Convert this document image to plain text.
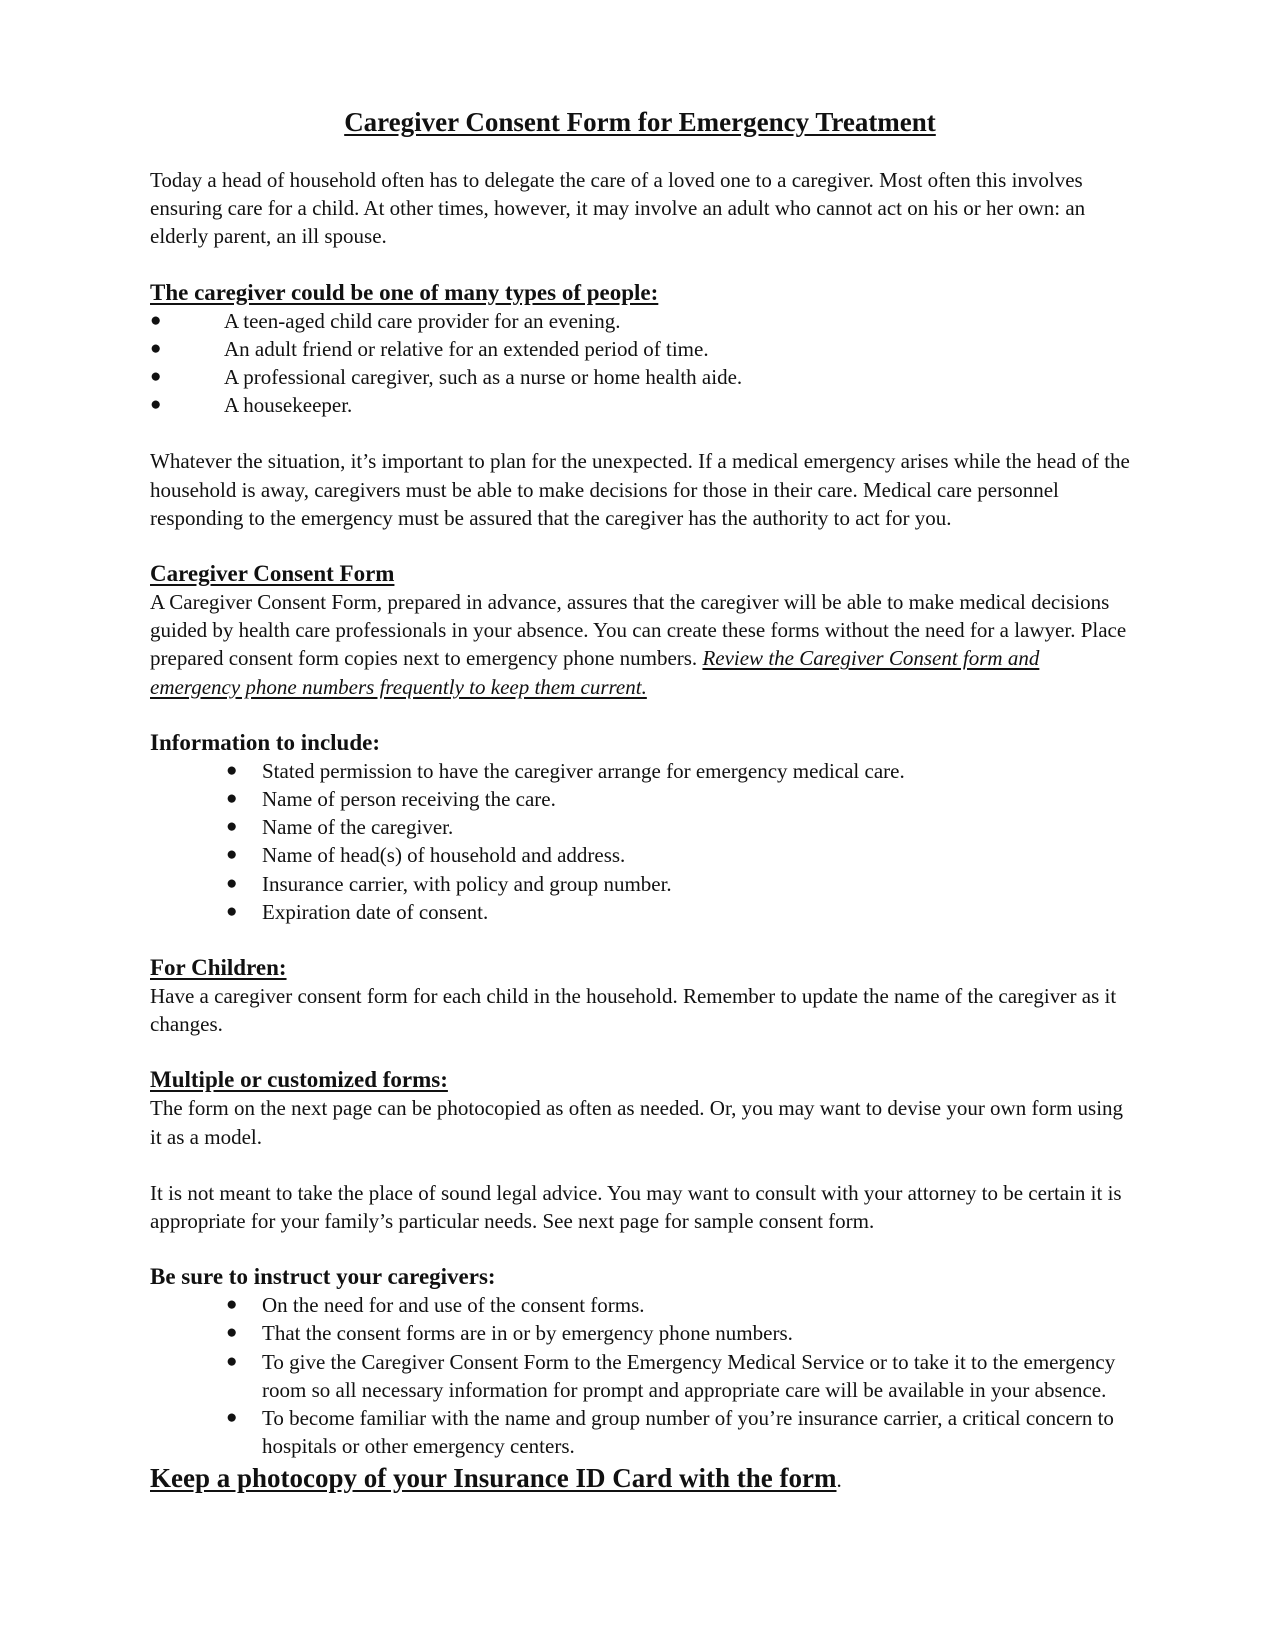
Caregiver Consent Form for Emergency Treatment

Today a head of household often has to delegate the care of a loved one to a caregiver. Most often this involves ensuring care for a child. At other times, however, it may involve an adult who cannot act on his or her own: an elderly parent, an ill spouse.

The caregiver could be one of many types of people:
●	A teen-aged child care provider for an evening.
●	An adult friend or relative for an extended period of time.
●	A professional caregiver, such as a nurse or home health aide.
●	A housekeeper.

Whatever the situation, it’s important to plan for the unexpected. If a medical emergency arises while the head of the household is away, caregivers must be able to make decisions for those in their care. Medical care personnel responding to the emergency must be assured that the caregiver has the authority to act for you.

Caregiver Consent Form

A Caregiver Consent Form, prepared in advance, assures that the caregiver will be able to make medical decisions guided by health care professionals in your absence. You can create these forms without the need for a lawyer. Place prepared consent form copies next to emergency phone numbers. Review the Caregiver Consent form and emergency phone numbers frequently to keep them current.

Information to include:
● Stated permission to have the caregiver arrange for emergency medical care.
● Name of person receiving the care.
● Name of the caregiver.
● Name of head(s) of household and address.
● Insurance carrier, with policy and group number.
● Expiration date of consent.
For Children:

Have a caregiver consent form for each child in the household. Remember to update the name of the caregiver as it changes.

Multiple or customized forms:

The form on the next page can be photocopied as often as needed. Or, you may want to devise your own form using it as a model.

It is not meant to take the place of sound legal advice. You may want to consult with your attorney to be certain it is appropriate for your family’s particular needs. See next page for sample consent form.

Be sure to instruct your caregivers:
● On the need for and use of the consent forms.
● That the consent forms are in or by emergency phone numbers.
● To give the Caregiver Consent Form to the Emergency Medical Service or to take it to the emergency room so all necessary information for prompt and appropriate care will be available in your absence.
● To become familiar with the name and group number of you’re insurance carrier, a critical concern to hospitals or other emergency centers.
Keep a photocopy of your Insurance ID Card with the form.
